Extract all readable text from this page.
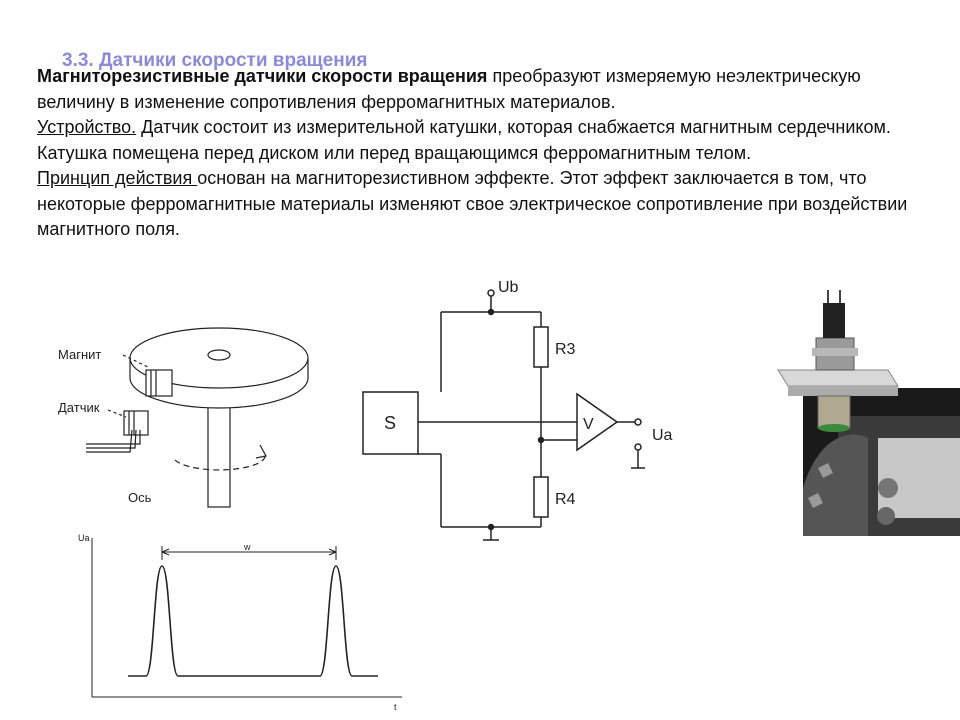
3.3. Датчики скорости вращения

Магниторезистивные датчики скорости вращения преобразуют измеряемую неэлектрическую величину в изменение сопротивления ферромагнитных материалов.

Устройство. Датчик состоит из измерительной катушки, которая снабжается магнитным сердечником. Катушка помещена перед диском или перед вращающимся ферромагнитным телом.

Принцип действия основан на магниторезистивном эффекте. Этот эффект заключается в том, что некоторые ферромагнитные материалы изменяют свое электрическое сопротивление при воздействии магнитного поля.

Магнит
Датчик
Ось
Ub
R3
R4
S	V
Ua
Ua
t
w
